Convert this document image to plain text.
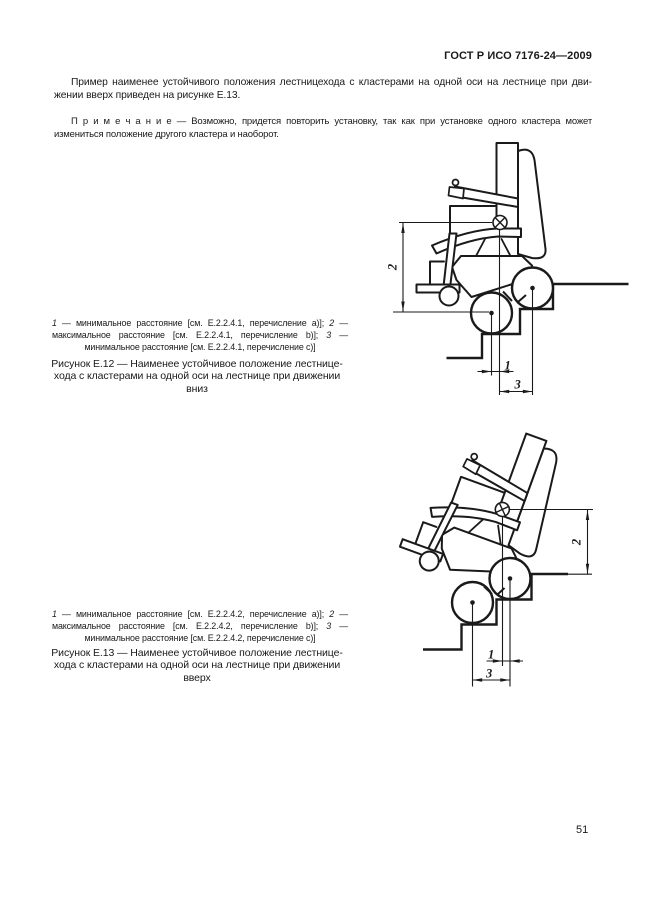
ГОСТ Р ИСО 7176-24—2009
Пример наименее устойчивого положения лестницехода с кластерами на одной оси на лестнице при дви-
жении вверх приведен на рисунке Е.13.
П р и м е ч а н и е — Возможно, придется повторить установку, так как при установке одного кластера может
измениться положение другого кластера и наоборот.
2
1
3
1 — минимальное расстояние [см. Е.2.2.4.1, перечисление а)]; 2 —
максимальное расстояние [см. Е.2.2.4.1, перечисление b)]; 3 —
минимальное расстояние [см. Е.2.2.4.1, перечисление с)]
Рисунок Е.12 — Наименее устойчивое положение лестнице-
хода с кластерами на одной оси на лестнице при движении
вниз
2
1
3
1 — минимальное расстояние [см. Е.2.2.4.2, перечисление а)]; 2 —
максимальное расстояние [см. Е.2.2.4.2, перечисление b)]; 3 —
минимальное расстояние [см. Е.2.2.4.2, перечисление с)]
Рисунок Е.13 — Наименее устойчивое положение лестнице-
хода с кластерами на одной оси на лестнице при движении
вверх
51
